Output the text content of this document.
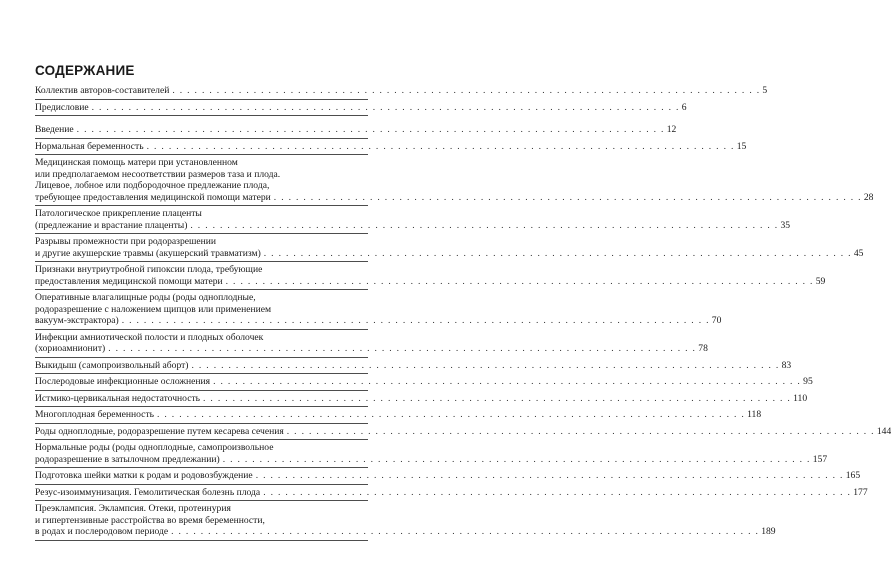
СОДЕРЖАНИЕ
Коллектив авторов-составителей . . . . . . . . . . . . . . . . . . . . . . . . . . . . . . . . . . . . . . . . . . . . . . . . . . . . . . . . . . . . . . . . . . . . . . . . . . . . . . . . 5
Предисловие . . . . . . . . . . . . . . . . . . . . . . . . . . . . . . . . . . . . . . . . . . . . . . . . . . . . . . . . . . . . . . . . . . . . . . . . . . . . . . . . 6
Введение . . . . . . . . . . . . . . . . . . . . . . . . . . . . . . . . . . . . . . . . . . . . . . . . . . . . . . . . . . . . . . . . . . . . . . . . . . . . . . . . 12
Нормальная беременность . . . . . . . . . . . . . . . . . . . . . . . . . . . . . . . . . . . . . . . . . . . . . . . . . . . . . . . . . . . . . . . . . . . . . . . . . . . . . . . . 15
Медицинская помощь матери при установленном
или предполагаемом несоответствии размеров таза и плода.
Лицевое, лобное или подбородочное предлежание плода,
требующее предоставления медицинской помощи матери . . . . . . . . . . . . . . . . . . . . . . . . . . . . . . . . . . . . . . . . . . . . . . . . . . . . . . . . . . . . . . . . . . . . . . . . . . . . . . . . 28
Патологическое прикрепление плаценты
(предлежание и врастание плаценты) . . . . . . . . . . . . . . . . . . . . . . . . . . . . . . . . . . . . . . . . . . . . . . . . . . . . . . . . . . . . . . . . . . . . . . . . . . . . . . . . 35
Разрывы промежности при родоразрешении
и другие акушерские травмы (акушерский травматизм) . . . . . . . . . . . . . . . . . . . . . . . . . . . . . . . . . . . . . . . . . . . . . . . . . . . . . . . . . . . . . . . . . . . . . . . . . . . . . . . . 45
Признаки внутриутробной гипоксии плода, требующие
предоставления медицинской помощи матери . . . . . . . . . . . . . . . . . . . . . . . . . . . . . . . . . . . . . . . . . . . . . . . . . . . . . . . . . . . . . . . . . . . . . . . . . . . . . . . . 59
Оперативные влагалищные роды (роды одноплодные,
родоразрешение с наложением щипцов или применением
вакуум-экстрактора) . . . . . . . . . . . . . . . . . . . . . . . . . . . . . . . . . . . . . . . . . . . . . . . . . . . . . . . . . . . . . . . . . . . . . . . . . . . . . . . . 70
Инфекции амниотической полости и плодных оболочек
(хориоамнионит) . . . . . . . . . . . . . . . . . . . . . . . . . . . . . . . . . . . . . . . . . . . . . . . . . . . . . . . . . . . . . . . . . . . . . . . . . . . . . . . . 78
Выкидыш (самопроизвольный аборт) . . . . . . . . . . . . . . . . . . . . . . . . . . . . . . . . . . . . . . . . . . . . . . . . . . . . . . . . . . . . . . . . . . . . . . . . . . . . . . . . 83
Послеродовые инфекционные осложнения . . . . . . . . . . . . . . . . . . . . . . . . . . . . . . . . . . . . . . . . . . . . . . . . . . . . . . . . . . . . . . . . . . . . . . . . . . . . . . . . 95
Истмико-цервикальная недостаточность . . . . . . . . . . . . . . . . . . . . . . . . . . . . . . . . . . . . . . . . . . . . . . . . . . . . . . . . . . . . . . . . . . . . . . . . . . . . . . . . 110
Многоплодная беременность . . . . . . . . . . . . . . . . . . . . . . . . . . . . . . . . . . . . . . . . . . . . . . . . . . . . . . . . . . . . . . . . . . . . . . . . . . . . . . . . 118
Роды одноплодные, родоразрешение путем кесарева сечения . . . . . . . . . . . . . . . . . . . . . . . . . . . . . . . . . . . . . . . . . . . . . . . . . . . . . . . . . . . . . . . . . . . . . . . . . . . . . . . . 144
Нормальные роды (роды одноплодные, самопроизвольное
родоразрешение в затылочном предлежании) . . . . . . . . . . . . . . . . . . . . . . . . . . . . . . . . . . . . . . . . . . . . . . . . . . . . . . . . . . . . . . . . . . . . . . . . . . . . . . . . 157
Подготовка шейки матки к родам и родовозбуждение . . . . . . . . . . . . . . . . . . . . . . . . . . . . . . . . . . . . . . . . . . . . . . . . . . . . . . . . . . . . . . . . . . . . . . . . . . . . . . . . 165
Резус-изоиммунизация. Гемолитическая болезнь плода . . . . . . . . . . . . . . . . . . . . . . . . . . . . . . . . . . . . . . . . . . . . . . . . . . . . . . . . . . . . . . . . . . . . . . . . . . . . . . . . 177
Преэклампсия. Эклампсия. Отеки, протеинурия
и гипертензивные расстройства во время беременности,
в родах и послеродовом периоде . . . . . . . . . . . . . . . . . . . . . . . . . . . . . . . . . . . . . . . . . . . . . . . . . . . . . . . . . . . . . . . . . . . . . . . . . . . . . . . . 189
